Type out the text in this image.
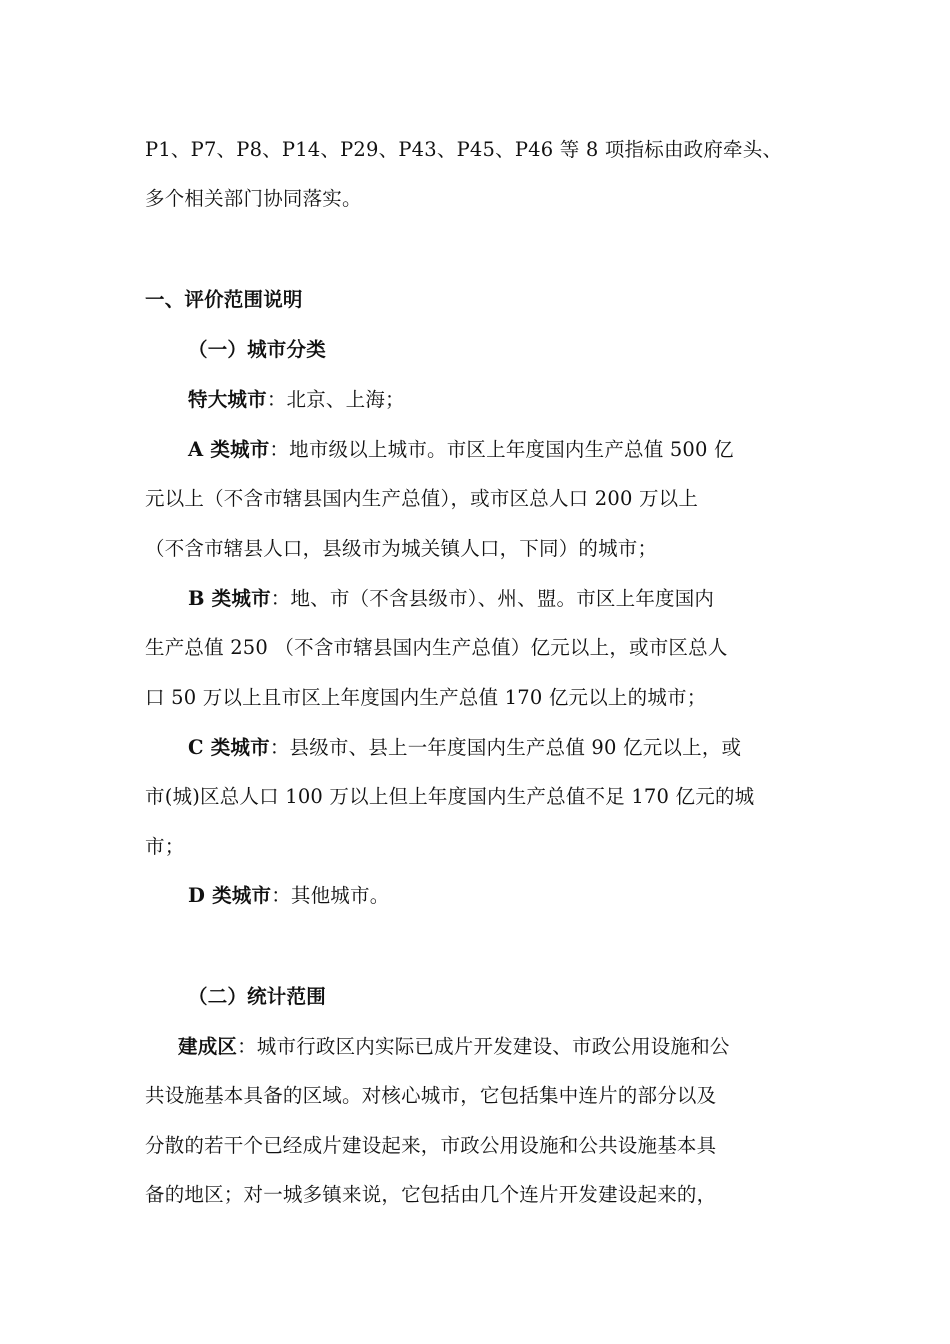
P1、P7、P8、P14、P29、P43、P45、P46 等 8 项指标由政府牵头、
多个相关部门协同落实。
一、评价范围说明
（一）城市分类
特大城市：北京、上海；
A 类城市：地市级以上城市。市区上年度国内生产总值 500 亿
元以上（不含市辖县国内生产总值），或市区总人口 200 万以上
（不含市辖县人口，县级市为城关镇人口，下同）的城市；
B 类城市：地、市（不含县级市）、州、盟。市区上年度国内
生产总值 250 （不含市辖县国内生产总值）亿元以上，或市区总人
口 50 万以上且市区上年度国内生产总值 170 亿元以上的城市；
C 类城市：县级市、县上一年度国内生产总值 90 亿元以上，或
市(城)区总人口 100 万以上但上年度国内生产总值不足 170 亿元的城
市；
D 类城市：其他城市。
（二）统计范围
建成区：城市行政区内实际已成片开发建设、市政公用设施和公
共设施基本具备的区域。对核心城市，它包括集中连片的部分以及
分散的若干个已经成片建设起来，市政公用设施和公共设施基本具
备的地区；对一城多镇来说，它包括由几个连片开发建设起来的，
